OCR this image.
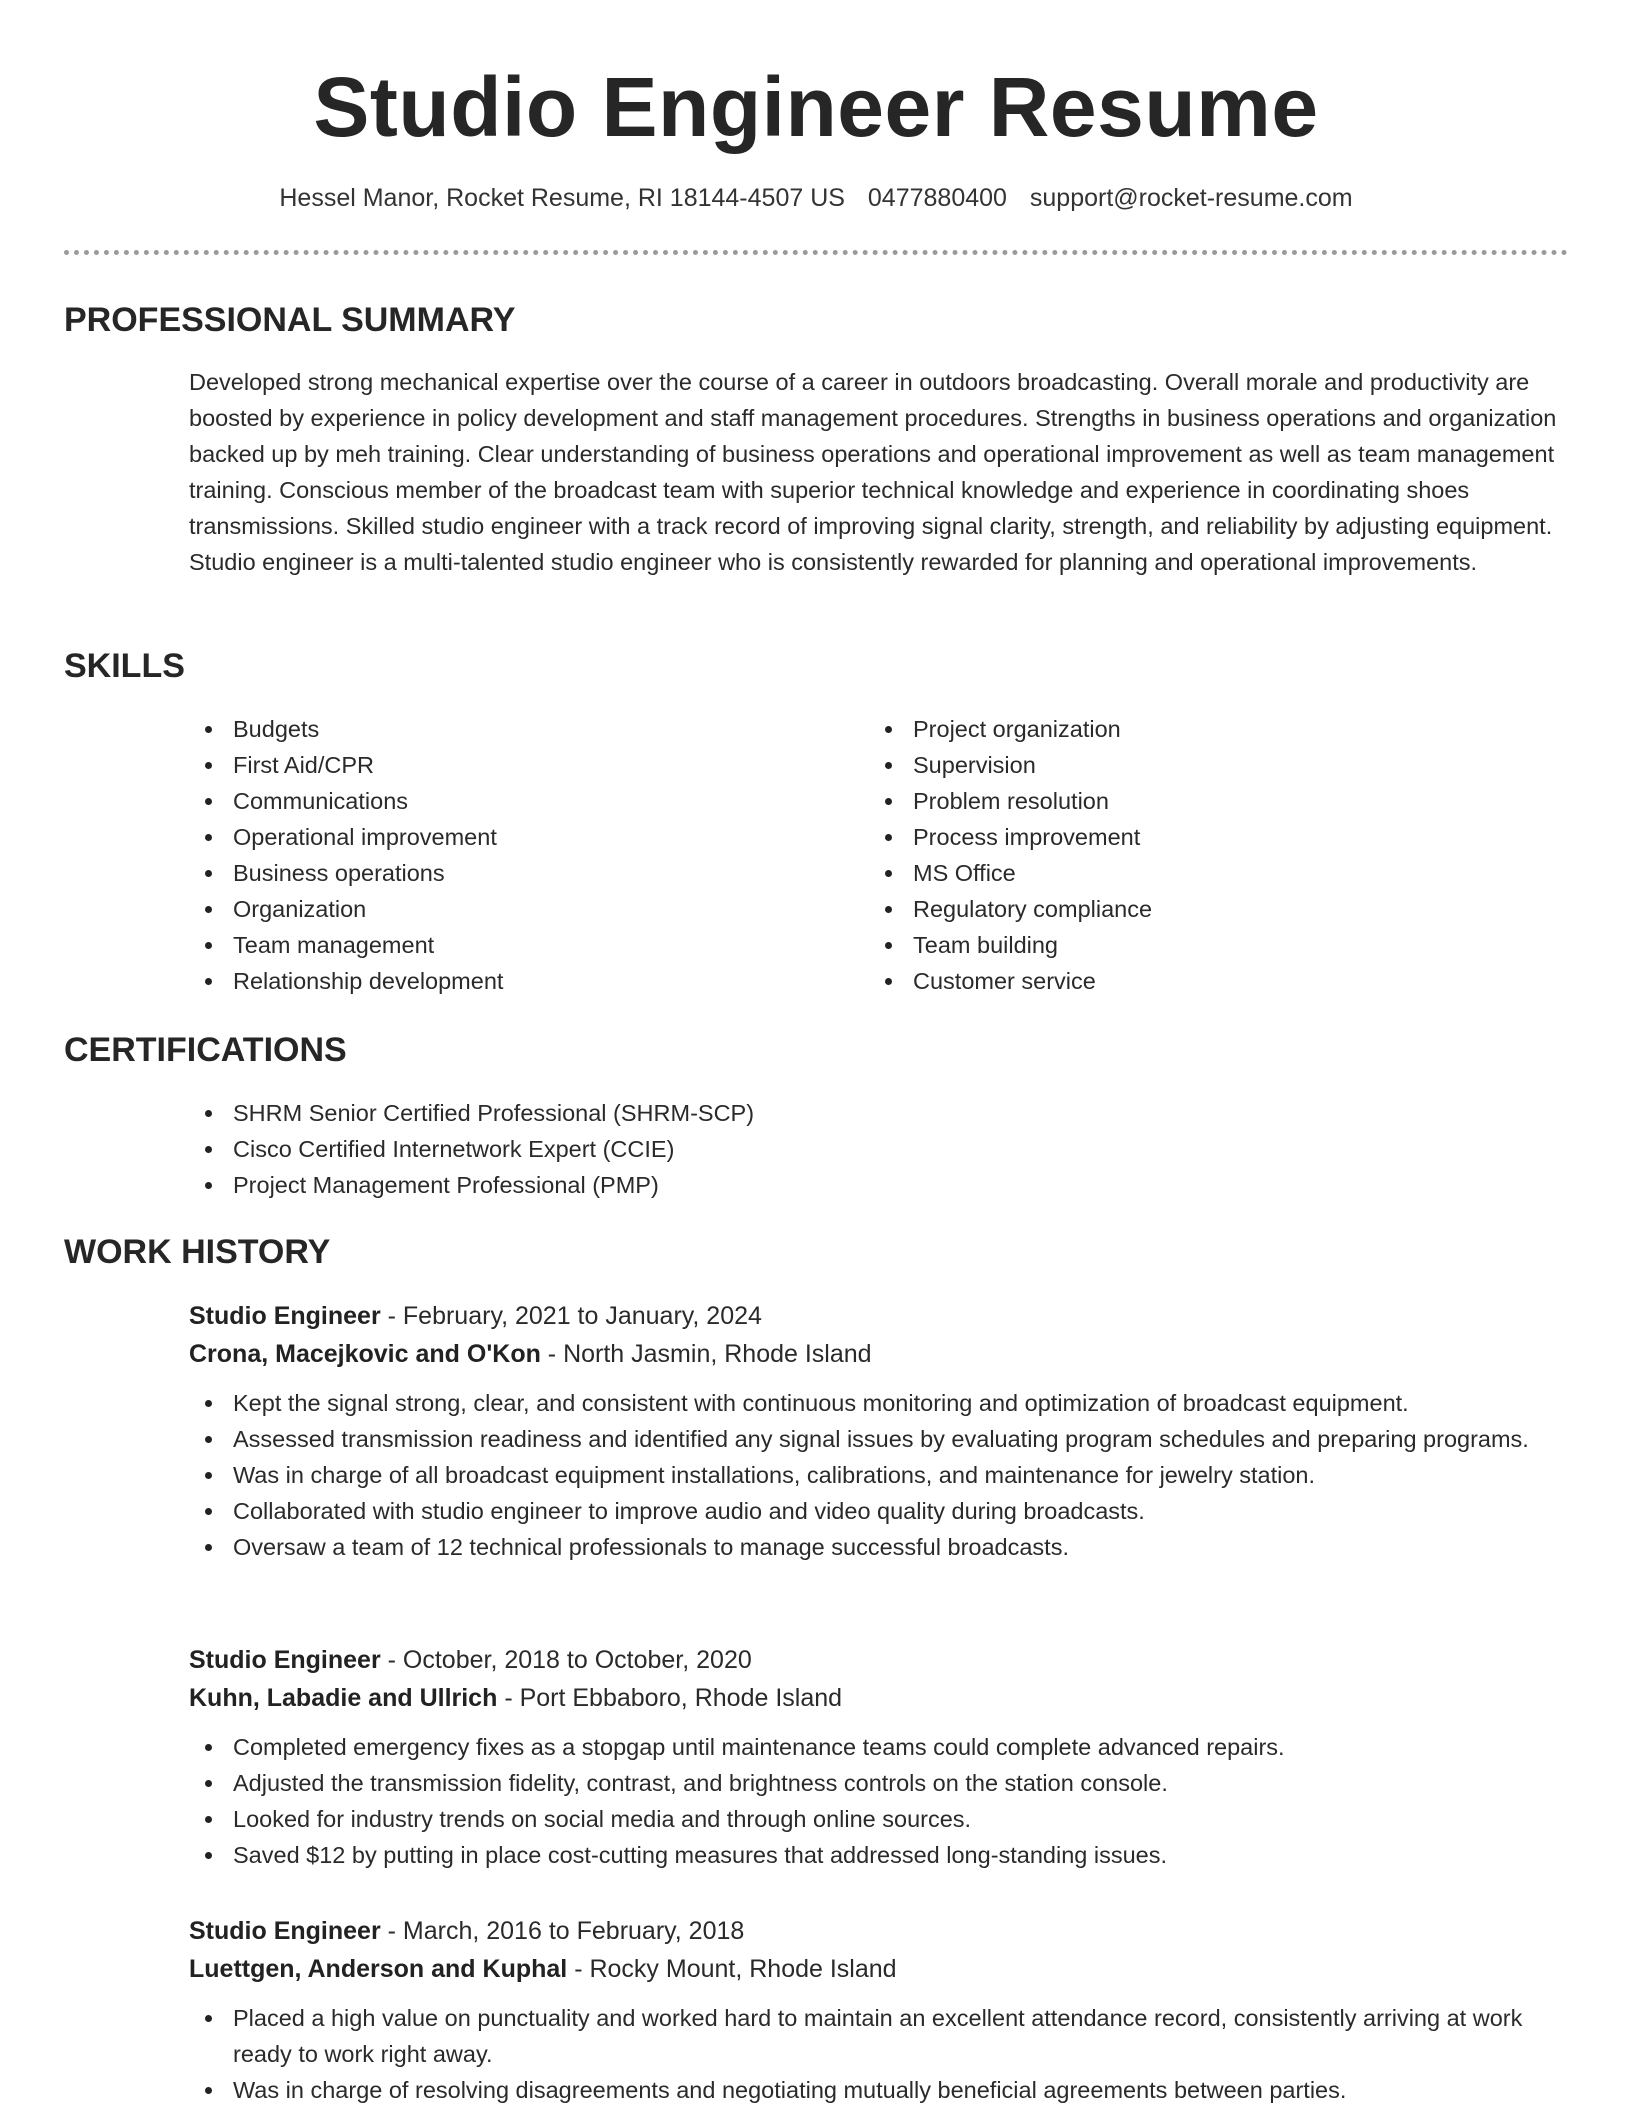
Studio Engineer Resume
Hessel Manor, Rocket Resume, RI 18144-4507 US 0477880400 support@rocket-resume.com
PROFESSIONAL SUMMARY

Developed strong mechanical expertise over the course of a career in outdoors broadcasting. Overall morale and productivity are boosted by experience in policy development and staff management procedures. Strengths in business operations and organization backed up by meh training. Clear understanding of business operations and operational improvement as well as team management training. Conscious member of the broadcast team with superior technical knowledge and experience in coordinating shoes transmissions. Skilled studio engineer with a track record of improving signal clarity, strength, and reliability by adjusting equipment. Studio engineer is a multi-talented studio engineer who is consistently rewarded for planning and operational improvements.

SKILLS
Budgets
First Aid/CPR
Communications
Operational improvement
Business operations
Organization
Team management
Relationship development
Project organization
Supervision
Problem resolution
Process improvement
MS Office
Regulatory compliance
Team building
Customer service
CERTIFICATIONS
SHRM Senior Certified Professional (SHRM-SCP)
Cisco Certified Internetwork Expert (CCIE)
Project Management Professional (PMP)
WORK HISTORY

Studio Engineer - February, 2021 to January, 2024

Crona, Macejkovic and O'Kon - North Jasmin, Rhode Island

Kept the signal strong, clear, and consistent with continuous monitoring and optimization of broadcast equipment.
Assessed transmission readiness and identified any signal issues by evaluating program schedules and preparing programs.
Was in charge of all broadcast equipment installations, calibrations, and maintenance for jewelry station.
Collaborated with studio engineer to improve audio and video quality during broadcasts.
Oversaw a team of 12 technical professionals to manage successful broadcasts.

Studio Engineer - October, 2018 to October, 2020

Kuhn, Labadie and Ullrich - Port Ebbaboro, Rhode Island

Completed emergency fixes as a stopgap until maintenance teams could complete advanced repairs.
Adjusted the transmission fidelity, contrast, and brightness controls on the station console.
Looked for industry trends on social media and through online sources.
Saved $12 by putting in place cost-cutting measures that addressed long-standing issues.

Studio Engineer - March, 2016 to February, 2018

Luettgen, Anderson and Kuphal - Rocky Mount, Rhode Island

Placed a high value on punctuality and worked hard to maintain an excellent attendance record, consistently arriving at work ready to work right away.
Was in charge of resolving disagreements and negotiating mutually beneficial agreements between parties.
